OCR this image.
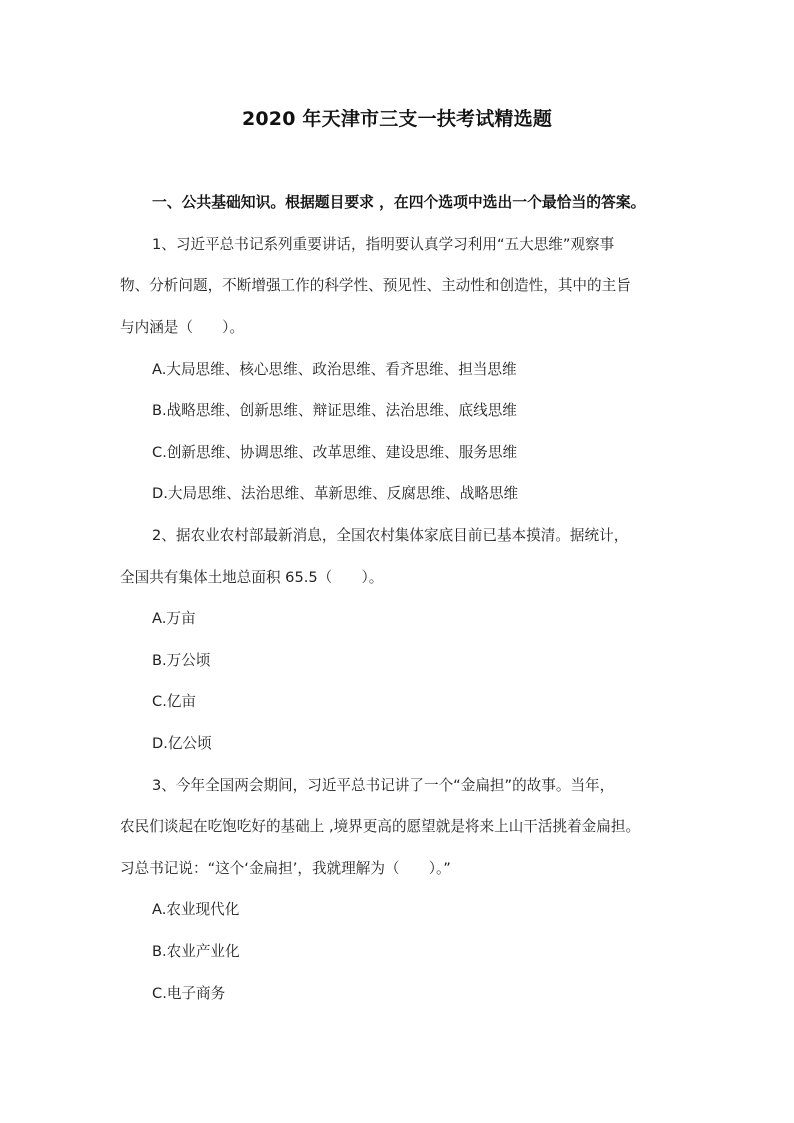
2020 年天津市三支一扶考试精选题
一、公共基础知识。根据题目要求 ，在四个选项中选出一个最恰当的答案。
1、习近平总书记系列重要讲话，指明要认真学习利用“五大思维”观察事
物、分析问题，不断增强工作的科学性、预见性、主动性和创造性，其中的主旨
与内涵是（　　）。
A.大局思维、核心思维、政治思维、看齐思维、担当思维
B.战略思维、创新思维、辩证思维、法治思维、底线思维
C.创新思维、协调思维、改革思维、建设思维、服务思维
D.大局思维、法治思维、革新思维、反腐思维、战略思维
2、据农业农村部最新消息，全国农村集体家底目前已基本摸清。据统计，
全国共有集体土地总面积 65.5（　　）。
A.万亩
B.万公顷
C.亿亩
D.亿公顷
3、今年全国两会期间，习近平总书记讲了一个“金扁担”的故事。当年，
农民们谈起在吃饱吃好的基础上 ,境界更高的愿望就是将来上山干活挑着金扁担。
习总书记说：“这个‘金扁担’，我就理解为（　　）。”
A.农业现代化
B.农业产业化
C.电子商务
